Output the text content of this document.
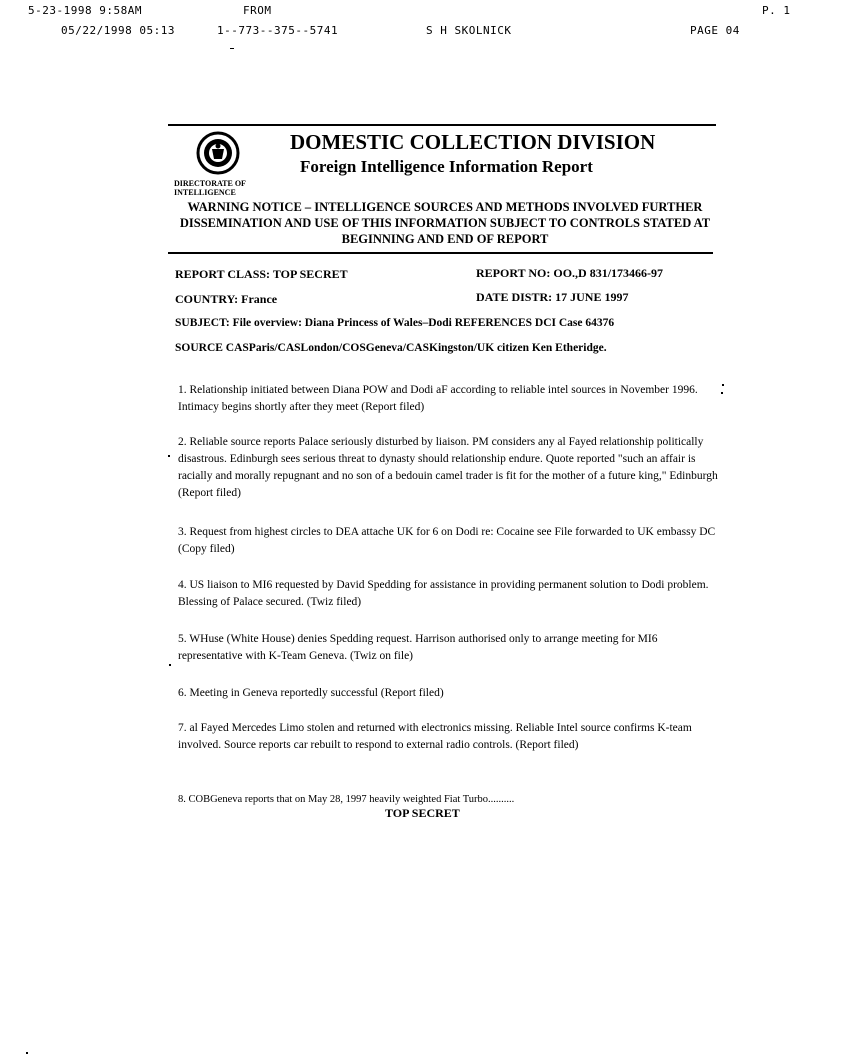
5-23-1998 9:58AM	FROM	P. 1
05/22/1998 05:13	1--773--375--5741	S H SKOLNICK	PAGE 04
DOMESTIC COLLECTION DIVISION
Foreign Intelligence Information Report
DIRECTORATE OF INTELLIGENCE
WARNING NOTICE – INTELLIGENCE SOURCES AND METHODS INVOLVED FURTHER DISSEMINATION AND USE OF THIS INFORMATION SUBJECT TO CONTROLS STATED AT BEGINNING AND END OF REPORT
REPORT CLASS: TOP SECRET	REPORT NO: OO.,D 831/173466-97
COUNTRY: France	DATE DISTR: 17 JUNE 1997
SUBJECT: File overview: Diana Princess of Wales–Dodi REFERENCES DCI Case 64376
SOURCE CASParis/CASLondon/COSGeneva/CASKingston/UK citizen Ken Etheridge.
1. Relationship initiated between Diana POW and Dodi aF according to reliable intel sources in November 1996. Intimacy begins shortly after they meet (Report filed)
2. Reliable source reports Palace seriously disturbed by liaison. PM considers any al Fayed relationship politically disastrous. Edinburgh sees serious threat to dynasty should relationship endure. Quote reported "such an affair is racially and morally repugnant and no son of a bedouin camel trader is fit for the mother of a future king," Edinburgh (Report filed)
3. Request from highest circles to DEA attache UK for 6 on Dodi re: Cocaine see File forwarded to UK embassy DC (Copy filed)
4. US liaison to MI6 requested by David Spedding for assistance in providing permanent solution to Dodi problem. Blessing of Palace secured. (Twiz filed)
5. WHuse (White House) denies Spedding request. Harrison authorised only to arrange meeting for MI6 representative with K-Team Geneva. (Twiz on file)
6. Meeting in Geneva reportedly successful (Report filed)
7. al Fayed Mercedes Limo stolen and returned with electronics missing. Reliable Intel source confirms K-team involved. Source reports car rebuilt to respond to external radio controls. (Report filed)
8. COBGeneva reports that on May 28, 1997 heavily weighted Fiat Turbo..........
TOP SECRET
